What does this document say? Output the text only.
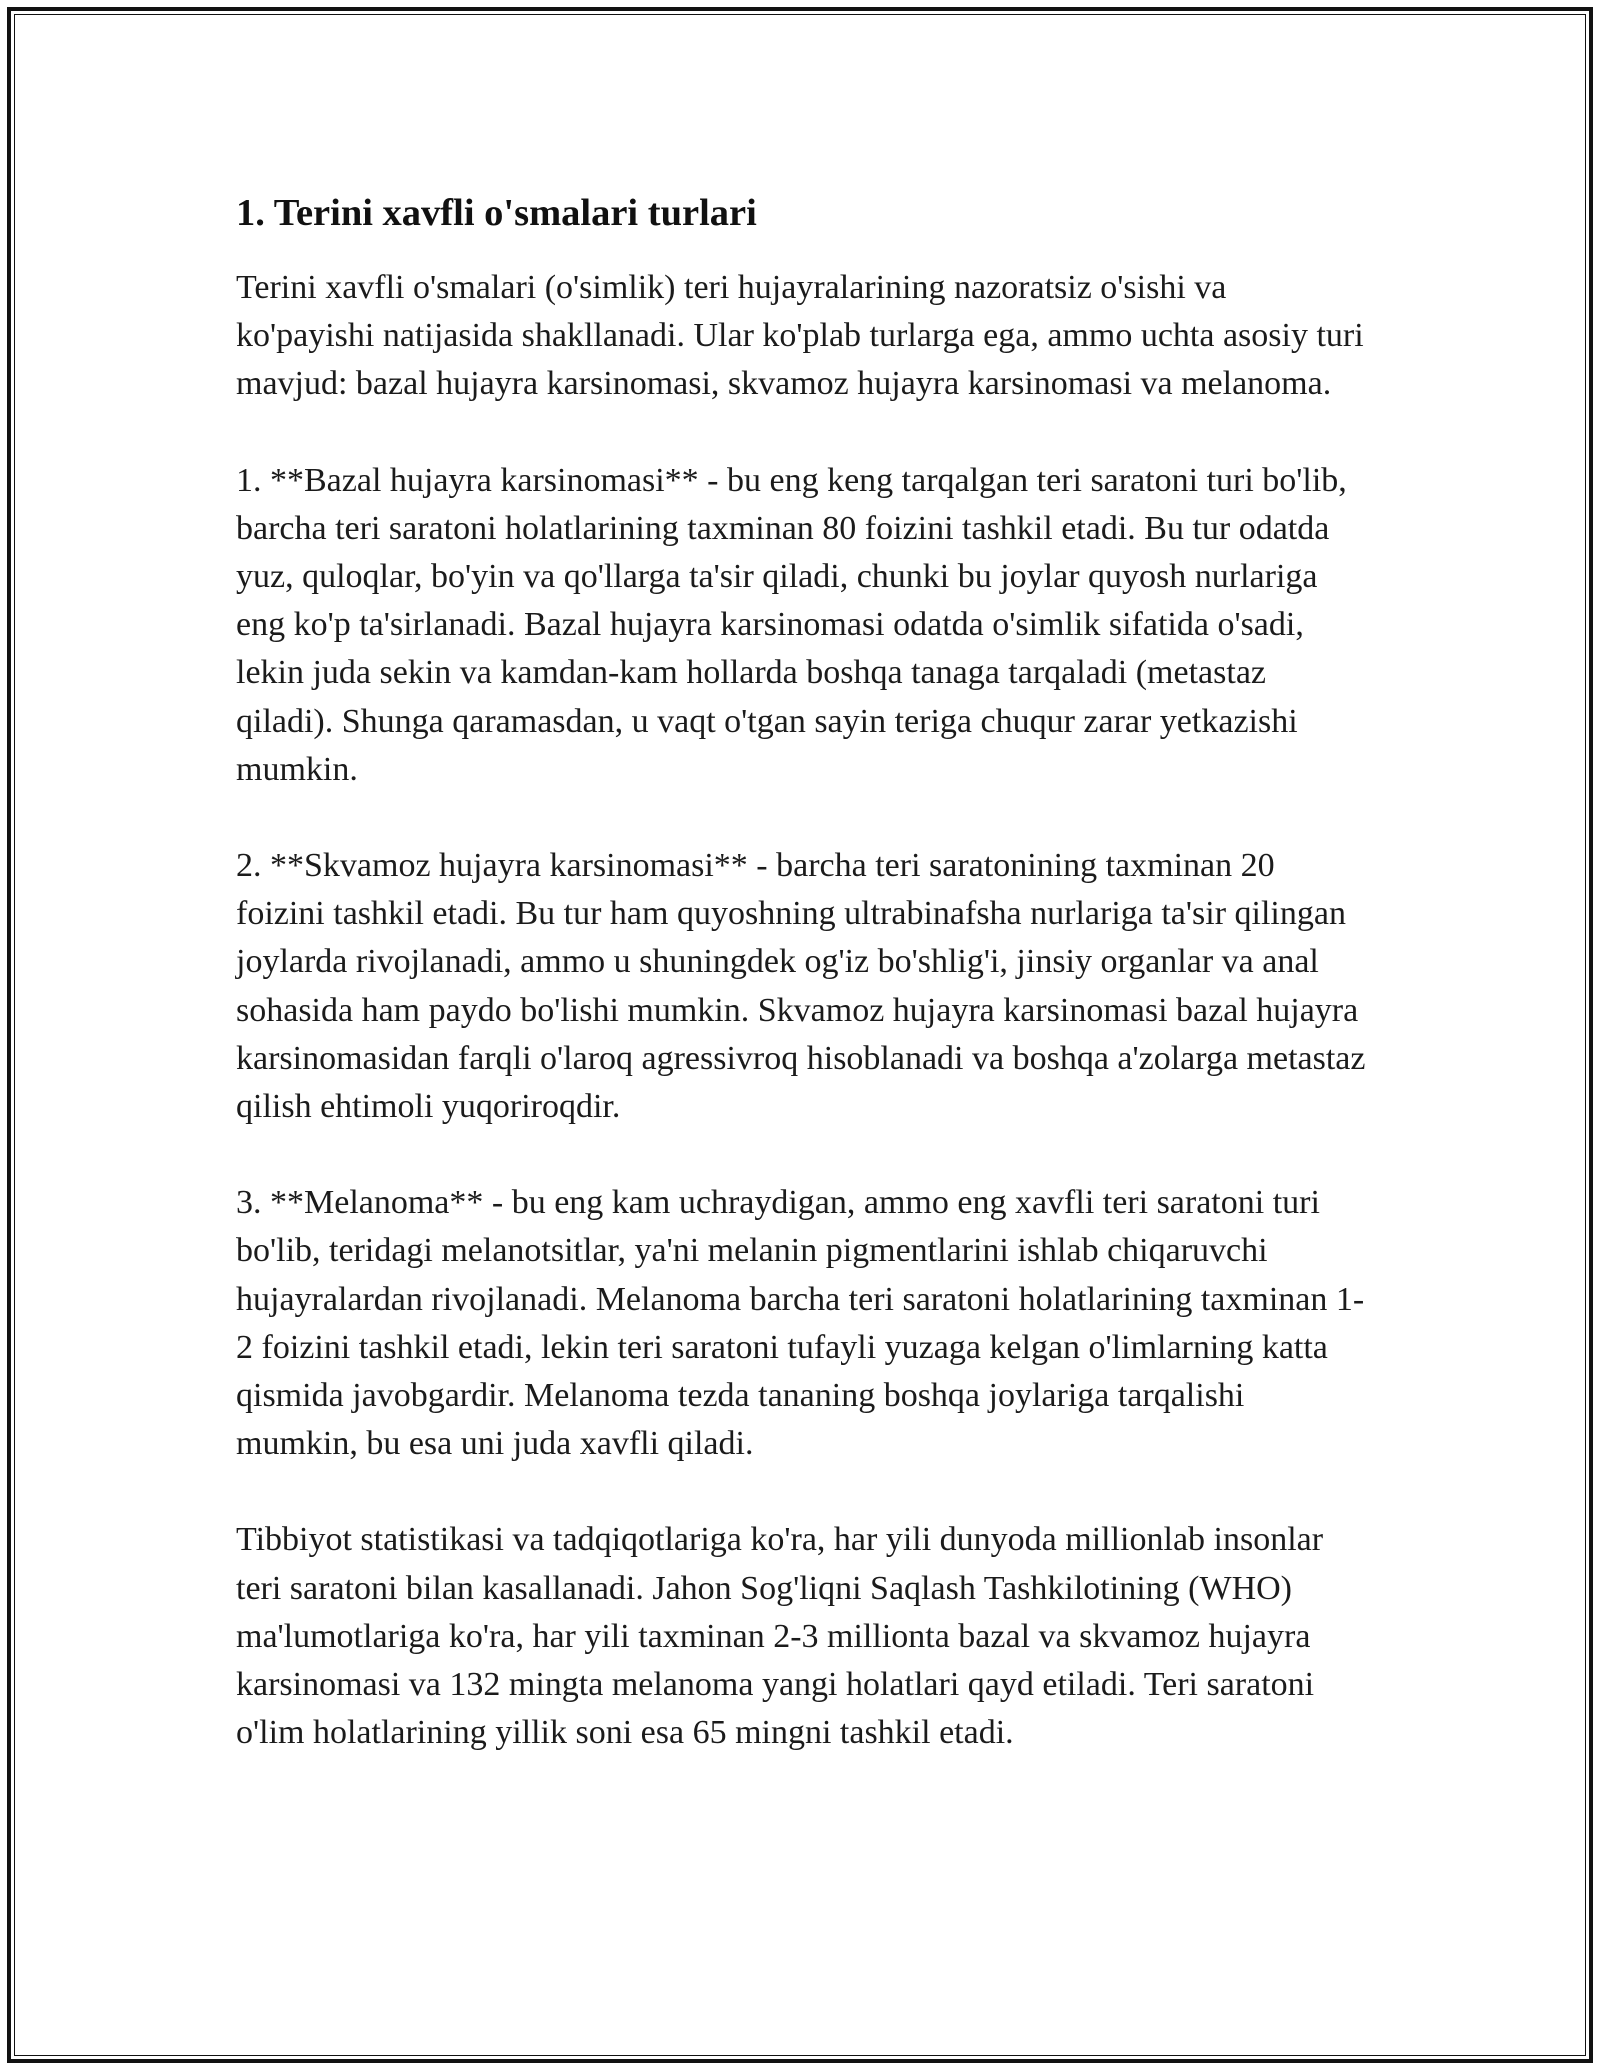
1. Terini xavfli o'smalari turlari

Terini xavfli o'smalari (o'simlik) teri hujayralarining nazoratsiz o'sishi va ko'payishi natijasida shakllanadi. Ular ko'plab turlarga ega, ammo uchta asosiy turi mavjud: bazal hujayra karsinomasi, skvamoz hujayra karsinomasi va melanoma.

1. **Bazal hujayra karsinomasi** - bu eng keng tarqalgan teri saratoni turi bo'lib, barcha teri saratoni holatlarining taxminan 80 foizini tashkil etadi. Bu tur odatda yuz, quloqlar, bo'yin va qo'llarga ta'sir qiladi, chunki bu joylar quyosh nurlariga eng ko'p ta'sirlanadi. Bazal hujayra karsinomasi odatda o'simlik sifatida o'sadi, lekin juda sekin va kamdan-kam hollarda boshqa tanaga tarqaladi (metastaz qiladi). Shunga qaramasdan, u vaqt o'tgan sayin teriga chuqur zarar yetkazishi mumkin.

2. **Skvamoz hujayra karsinomasi** - barcha teri saratonining taxminan 20 foizini tashkil etadi. Bu tur ham quyoshning ultrabinafsha nurlariga ta'sir qilingan joylarda rivojlanadi, ammo u shuningdek og'iz bo'shlig'i, jinsiy organlar va anal sohasida ham paydo bo'lishi mumkin. Skvamoz hujayra karsinomasi bazal hujayra karsinomasidan farqli o'laroq agressivroq hisoblanadi va boshqa a'zolarga metastaz qilish ehtimoli yuqoriroqdir.

3. **Melanoma** - bu eng kam uchraydigan, ammo eng xavfli teri saratoni turi bo'lib, teridagi melanotsitlar, ya'ni melanin pigmentlarini ishlab chiqaruvchi hujayralardan rivojlanadi. Melanoma barcha teri saratoni holatlarining taxminan 1-2 foizini tashkil etadi, lekin teri saratoni tufayli yuzaga kelgan o'limlarning katta qismida javobgardir. Melanoma tezda tananing boshqa joylariga tarqalishi mumkin, bu esa uni juda xavfli qiladi.

Tibbiyot statistikasi va tadqiqotlariga ko'ra, har yili dunyoda millionlab insonlar teri saratoni bilan kasallanadi. Jahon Sog'liqni Saqlash Tashkilotining (WHO) ma'lumotlariga ko'ra, har yili taxminan 2-3 millionta bazal va skvamoz hujayra karsinomasi va 132 mingta melanoma yangi holatlari qayd etiladi. Teri saratoni o'lim holatlarining yillik soni esa 65 mingni tashkil etadi.
